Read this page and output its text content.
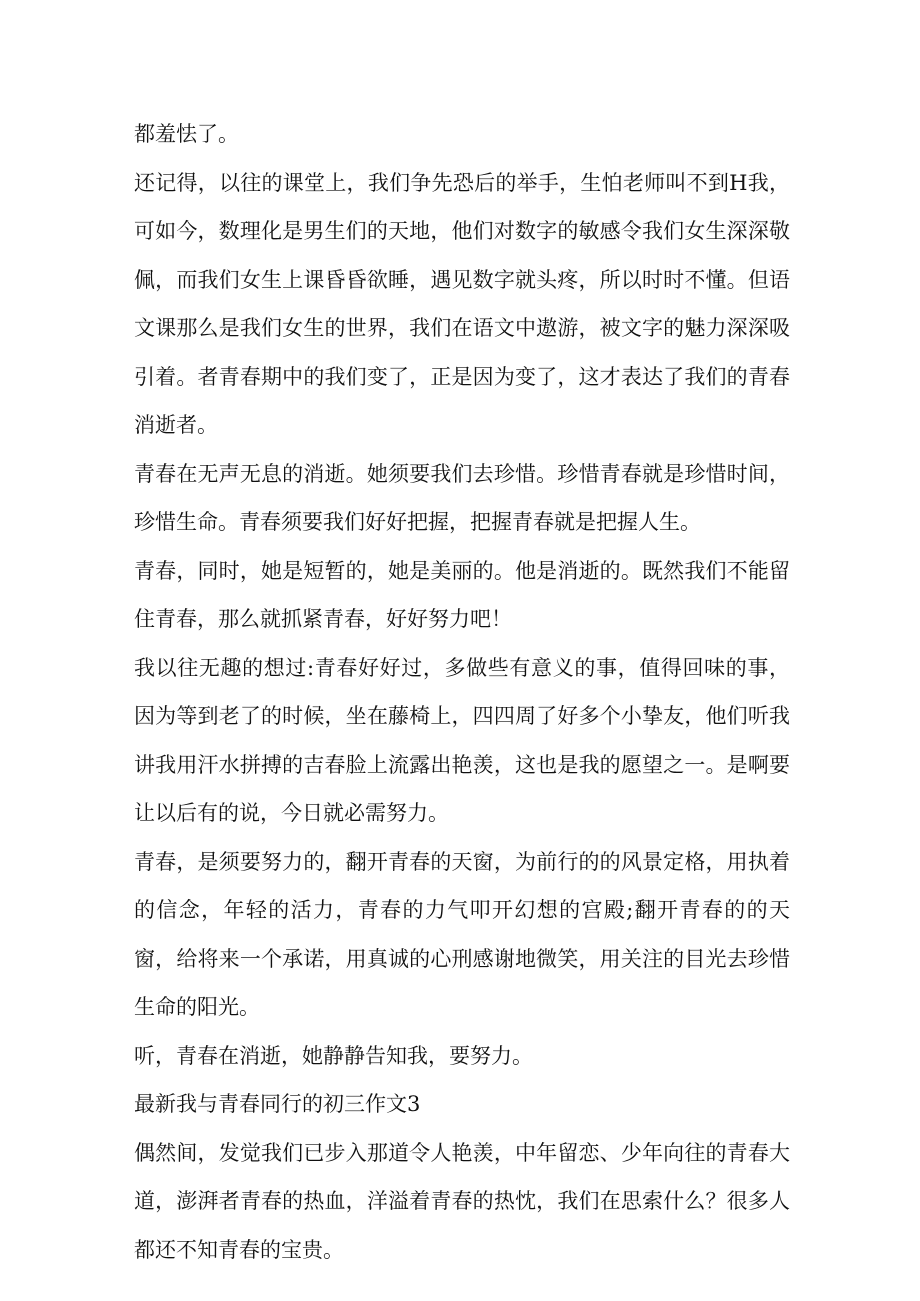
都羞怯了。

还记得，以往的课堂上，我们争先恐后的举手，生怕老师叫不到H我，可如今，数理化是男生们的天地，他们对数字的敏感令我们女生深深敬佩，而我们女生上课昏昏欲睡，遇见数字就头疼，所以时时不懂。但语文课那么是我们女生的世界，我们在语文中遨游，被文字的魅力深深吸引着。者青春期中的我们变了，正是因为变了，这才表达了我们的青春消逝者。

青春在无声无息的消逝。她须要我们去珍惜。珍惜青春就是珍惜时间，珍惜生命。青春须要我们好好把握，把握青春就是把握人生。

青春，同时，她是短暂的，她是美丽的。他是消逝的。既然我们不能留住青春，那么就抓紧青春，好好努力吧！

我以往无趣的想过:青春好好过，多做些有意义的事，值得回味的事，因为等到老了的时候，坐在藤椅上，四四周了好多个小挚友，他们听我讲我用汗水拼搏的吉春脸上流露出艳羡，这也是我的愿望之一。是啊要让以后有的说，今日就必需努力。

青春，是须要努力的，翻开青春的天窗，为前行的的风景定格，用执着的信念，年轻的活力，青春的力气叩开幻想的宫殿;翻开青春的的天窗，给将来一个承诺，用真诚的心刑感谢地微笑，用关注的目光去珍惜生命的阳光。

听，青春在消逝，她静静告知我，要努力。

最新我与青春同行的初三作文3

偶然间，发觉我们已步入那道令人艳羡，中年留恋、少年向往的青春大道，澎湃者青春的热血，洋溢着青春的热忱，我们在思索什么？很多人都还不知青春的宝贵。
